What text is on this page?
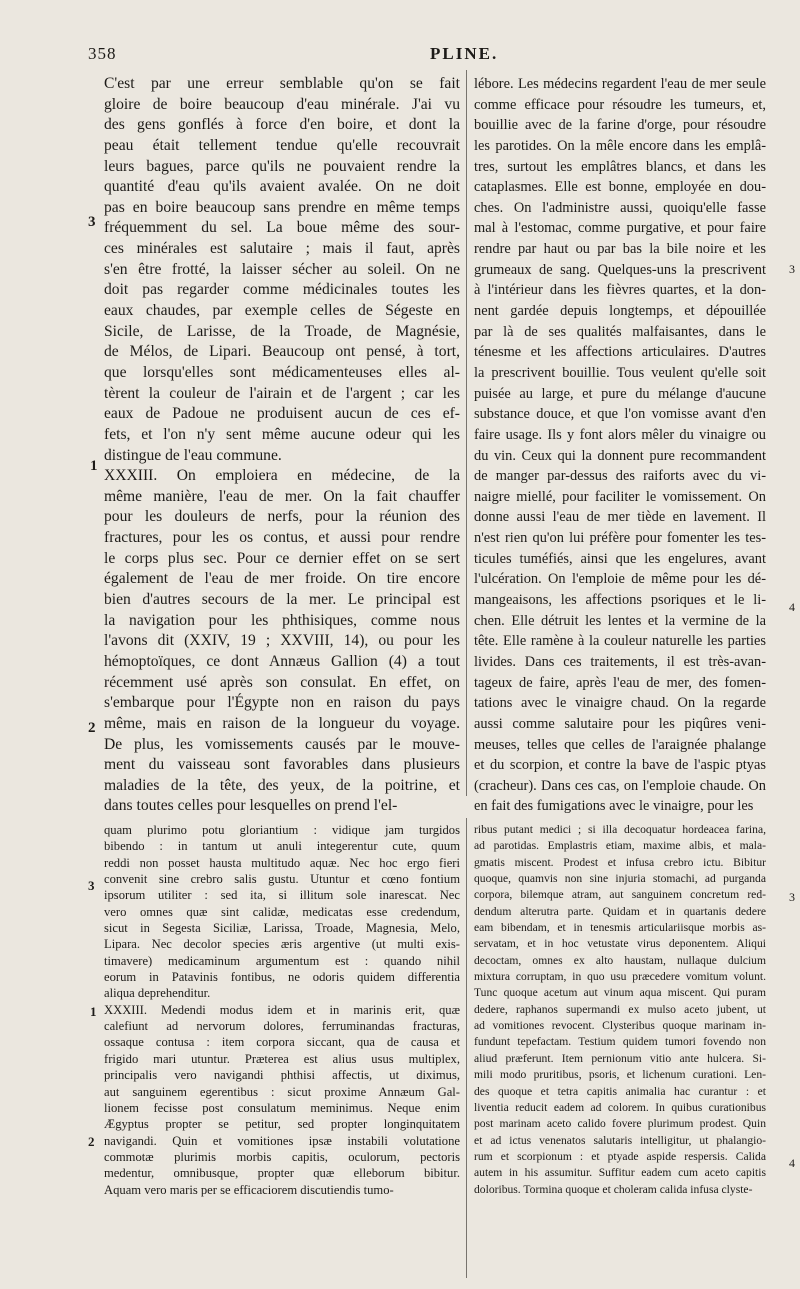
358	PLINE.
C'est par une erreur semblable qu'on se fait
gloire de boire beaucoup d'eau minérale. J'ai vu
des gens gonflés à force d'en boire, et dont la
peau était tellement tendue qu'elle recouvrait
leurs bagues, parce qu'ils ne pouvaient rendre la
quantité d'eau qu'ils avaient avalée. On ne doit
pas en boire beaucoup sans prendre en même temps
fréquemment du sel. La boue même des sour-
ces minérales est salutaire ; mais il faut, après
s'en être frotté, la laisser sécher au soleil. On ne
doit pas regarder comme médicinales toutes les
eaux chaudes, par exemple celles de Ségeste en
Sicile, de Larisse, de la Troade, de Magnésie,
de Mélos, de Lipari. Beaucoup ont pensé, à tort,
que lorsqu'elles sont médicamenteuses elles al-
tèrent la couleur de l'airain et de l'argent ; car les
eaux de Padoue ne produisent aucun de ces ef-
fets, et l'on n'y sent même aucune odeur qui les
distingue de l'eau commune.
XXXIII. On emploiera en médecine, de la
même manière, l'eau de mer. On la fait chauffer
pour les douleurs de nerfs, pour la réunion des
fractures, pour les os contus, et aussi pour rendre
le corps plus sec. Pour ce dernier effet on se sert
également de l'eau de mer froide. On tire encore
bien d'autres secours de la mer. Le principal est
la navigation pour les phthisiques, comme nous
l'avons dit (XXIV, 19 ; XXVIII, 14), ou pour les
hémoptoïques, ce dont Annæus Gallion (4) a tout
récemment usé après son consulat. En effet, on
s'embarque pour l'Égypte non en raison du pays
même, mais en raison de la longueur du voyage.
De plus, les vomissements causés par le mouve-
ment du vaisseau sont favorables dans plusieurs
maladies de la tête, des yeux, de la poitrine, et
dans toutes celles pour lesquelles on prend l'el-
lébore. Les médecins regardent l'eau de mer seule
comme efficace pour résoudre les tumeurs, et,
bouillie avec de la farine d'orge, pour résoudre
les parotides. On la mêle encore dans les emplâ-
tres, surtout les emplâtres blancs, et dans les
cataplasmes. Elle est bonne, employée en dou-
ches. On l'administre aussi, quoiqu'elle fasse
mal à l'estomac, comme purgative, et pour faire
rendre par haut ou par bas la bile noire et les
grumeaux de sang. Quelques-uns la prescrivent
à l'intérieur dans les fièvres quartes, et la don-
nent gardée depuis longtemps, et dépouillée
par là de ses qualités malfaisantes, dans le
ténesme et les affections articulaires. D'autres
la prescrivent bouillie. Tous veulent qu'elle soit
puisée au large, et pure du mélange d'aucune
substance douce, et que l'on vomisse avant d'en
faire usage. Ils y font alors mêler du vinaigre ou
du vin. Ceux qui la donnent pure recommandent
de manger par-dessus des raiforts avec du vi-
naigre miellé, pour faciliter le vomissement. On
donne aussi l'eau de mer tiède en lavement. Il
n'est rien qu'on lui préfère pour fomenter les tes-
ticules tuméfiés, ainsi que les engelures, avant
l'ulcération. On l'emploie de même pour les dé-
mangeaisons, les affections psoriques et le li-
chen. Elle détruit les lentes et la vermine de la
tête. Elle ramène à la couleur naturelle les parties
livides. Dans ces traitements, il est très-avan-
tageux de faire, après l'eau de mer, des fomen-
tations avec le vinaigre chaud. On la regarde
aussi comme salutaire pour les piqûres veni-
meuses, telles que celles de l'araignée phalange
et du scorpion, et contre la bave de l'aspic ptyas
(cracheur). Dans ces cas, on l'emploie chaude. On
en fait des fumigations avec le vinaigre, pour les
quam plurimo potu gloriantium : vidique jam turgidos
bibendo : in tantum ut anuli integerentur cute, quum
reddi non posset hausta multitudo aquæ. Nec hoc ergo fieri
convenit sine crebro salis gustu. Utuntur et cœno fontium
ipsorum utiliter : sed ita, si illitum sole inarescat. Nec
vero omnes quæ sint calidæ, medicatas esse credendum,
sicut in Segesta Siciliæ, Larissa, Troade, Magnesia, Melo,
Lipara. Nec decolor species æris argentive (ut multi exis-
timavere) medicaminum argumentum est : quando nihil
eorum in Patavinis fontibus, ne odoris quidem differentia
aliqua deprehenditur.
XXXIII. Medendi modus idem et in marinis erit, quæ
calefiunt ad nervorum dolores, ferruminandas fracturas,
ossaque contusa : item corpora siccant, qua de causa et
frigido mari utuntur. Præterea est alius usus multiplex,
principalis vero navigandi phthisi affectis, ut diximus,
aut sanguinem egerentibus : sicut proxime Annæum Gal-
lionem fecisse post consulatum meminimus. Neque enim
Ægyptus propter se petitur, sed propter longinquitatem
navigandi. Quin et vomitiones ipsæ instabili volutatione
commotæ plurimis morbis capitis, oculorum, pectoris
medentur, omnibusque, propter quæ elleborum bibitur.
Aquam vero maris per se efficaciorem discutiendis tumo-
ribus putant medici ; si illa decoquatur hordeacea farina,
ad parotidas. Emplastris etiam, maxime albis, et mala-
gmatis miscent. Prodest et infusa crebro ictu. Bibitur
quoque, quamvis non sine injuria stomachi, ad purganda
corpora, bilemque atram, aut sanguinem concretum red-
dendum alterutra parte. Quidam et in quartanis dedere
eam bibendam, et in tenesmis articulariisque morbis as-
servatam, et in hoc vetustate virus deponentem. Aliqui
decoctam, omnes ex alto haustam, nullaque dulcium
mixtura corruptam, in quo usu præcedere vomitum volunt.
Tunc quoque acetum aut vinum aqua miscent. Qui puram
dedere, raphanos supermandi ex mulso aceto jubent, ut
ad vomitiones revocent. Clysteribus quoque marinam in-
fundunt tepefactam. Testium quidem tumori fovendo non
aliud præferunt. Item pernionum vitio ante hulcera. Si-
mili modo pruritibus, psoris, et lichenum curationi. Len-
des quoque et tetra capitis animalia hac curantur : et
liventia reducit eadem ad colorem. In quibus curationibus
post marinam aceto calido fovere plurimum prodest. Quin
et ad ictus venenatos salutaris intelligitur, ut phalangio-
rum et scorpionum : et ptyade aspide respersis. Calida
autem in his assumitur. Suffitur eadem cum aceto capitis
doloribus. Tormina quoque et choleram calida infusa clyste-
3
1
2
3
4
3
1
2
3
4
